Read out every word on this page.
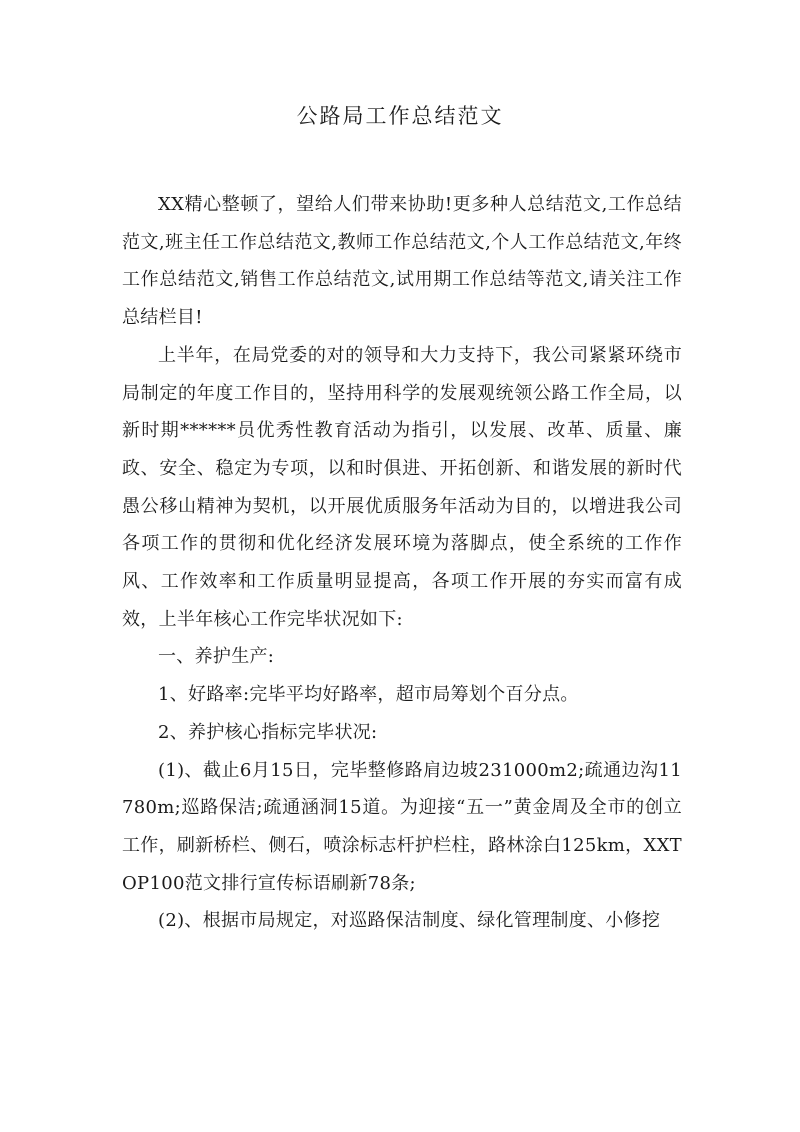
公路局工作总结范文

XX精心整顿了，望给人们带来协助!更多种人总结范文,工作总结范文,班主任工作总结范文,教师工作总结范文,个人工作总结范文,年终工作总结范文,销售工作总结范文,试用期工作总结等范文,请关注工作总结栏目!

上半年，在局党委的对的领导和大力支持下，我公司紧紧环绕市局制定的年度工作目的，坚持用科学的发展观统领公路工作全局，以新时期******员优秀性教育活动为指引，以发展、改革、质量、廉政、安全、稳定为专项，以和时俱进、开拓创新、和谐发展的新时代愚公移山精神为契机，以开展优质服务年活动为目的，以增进我公司各项工作的贯彻和优化经济发展环境为落脚点，使全系统的工作作风、工作效率和工作质量明显提高，各项工作开展的夯实而富有成效，上半年核心工作完毕状况如下:

一、养护生产:

1、好路率:完毕平均好路率，超市局筹划个百分点。

2、养护核心指标完毕状况:

(1)、截止6月15日，完毕整修路肩边坡231000m2;疏通边沟11780m;巡路保洁;疏通涵洞15道。为迎接“五一”黄金周及全市的创立工作，刷新桥栏、侧石，喷涂标志杆护栏柱，路林涂白125km，XXTOP100范文排行宣传标语刷新78条;

(2)、根据市局规定，对巡路保洁制度、绿化管理制度、小修挖
